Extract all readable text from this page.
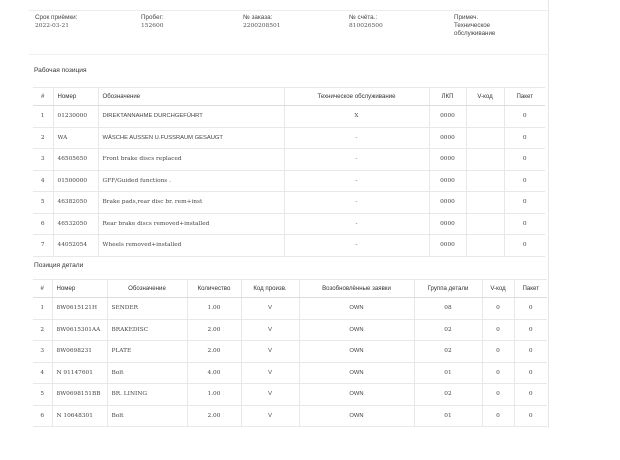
Срок приёмки:
2022-03-21
Пробег:
152600
№ заказа:
2200208501
№ счёта.:
810026500
Примеч.
Техническое обслуживание
Рабочая позиция
#	Номер	Обозначение	Техническое обслуживание	ЛКП	V-код	Пакет
1	01230000	DIREKTANNAHME DURCHGEFÜHRT	X	0000		0
2	WA	WÄSCHE AUSSEN U.FUSSRAUM GESAUGT	-	0000		0
3	46505650	Front brake discs replaced	-	0000		0
4	01500000	GFF/Guided functions .	-	0000		0
5	46382050	Brake pads,rear disc br. rem+inst	-	0000		0
6	46532050	Rear brake discs removed+installed	-	0000		0
7	44052054	Wheels removed+installed	-	0000		0
Позиция детали
#	Номер	Обозначение	Количество	Код произв.	Возобновлённые заявки	Группа детали	V-код	Пакет
1	8W0615121H	SENDER	1.00	V	OWN	08	0	0
2	8W0615301AA	BRAKEDISC	2.00	V	OWN	02	0	0
3	8W0698231	PLATE	2.00	V	OWN	02	0	0
4	N 91147601	Bolt	4.00	V	OWN	01	0	0
5	8W0698151BB	BR. LINING	1.00	V	OWN	02	0	0
6	N 10648301	Bolt	2.00	V	OWN	01	0	0
